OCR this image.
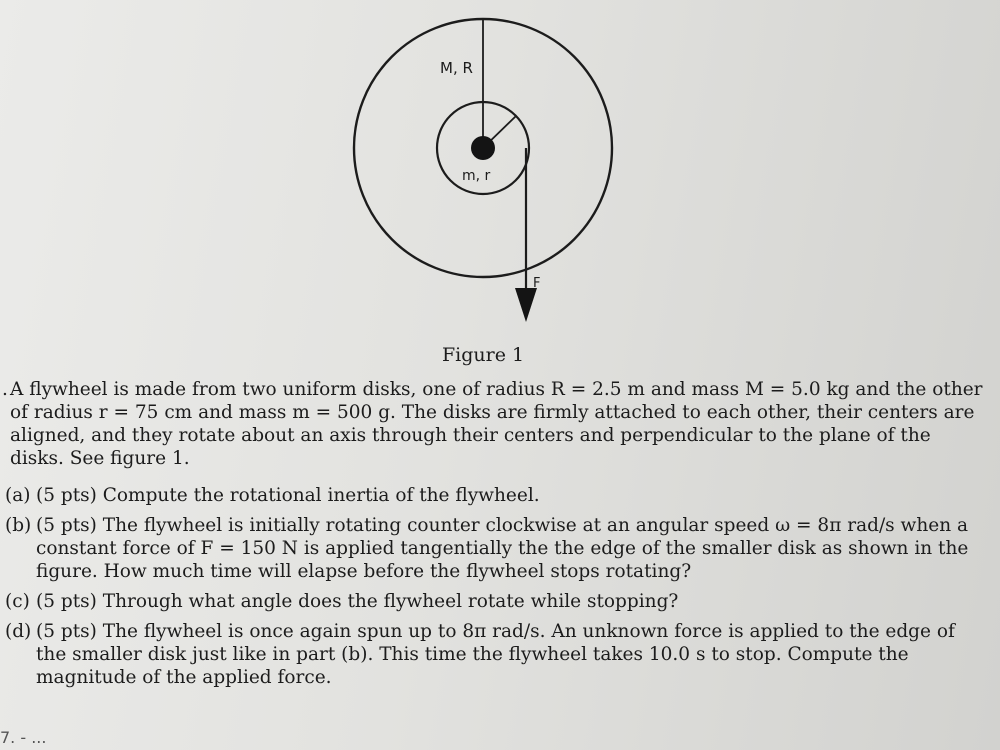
M, R
m, r
F
Figure 1

. A flywheel is made from two uniform disks, one of radius R = 2.5 m and mass M = 5.0 kg and the other of radius r = 75 cm and mass m = 500 g. The disks are firmly attached to each other, their centers are aligned, and they rotate about an axis through their centers and perpendicular to the plane of the disks. See figure 1.

(a) (5 pts) Compute the rotational inertia of the flywheel.
(b) (5 pts) The flywheel is initially rotating counter clockwise at an angular speed ω = 8π rad/s when a constant force of F = 150 N is applied tangentially the the edge of the smaller disk as shown in the figure. How much time will elapse before the flywheel stops rotating?
(c) (5 pts) Through what angle does the flywheel rotate while stopping?
(d) (5 pts) The flywheel is once again spun up to 8π rad/s. An unknown force is applied to the edge of the smaller disk just like in part (b). This time the flywheel takes 10.0 s to stop. Compute the magnitude of the applied force.
7. - ...
